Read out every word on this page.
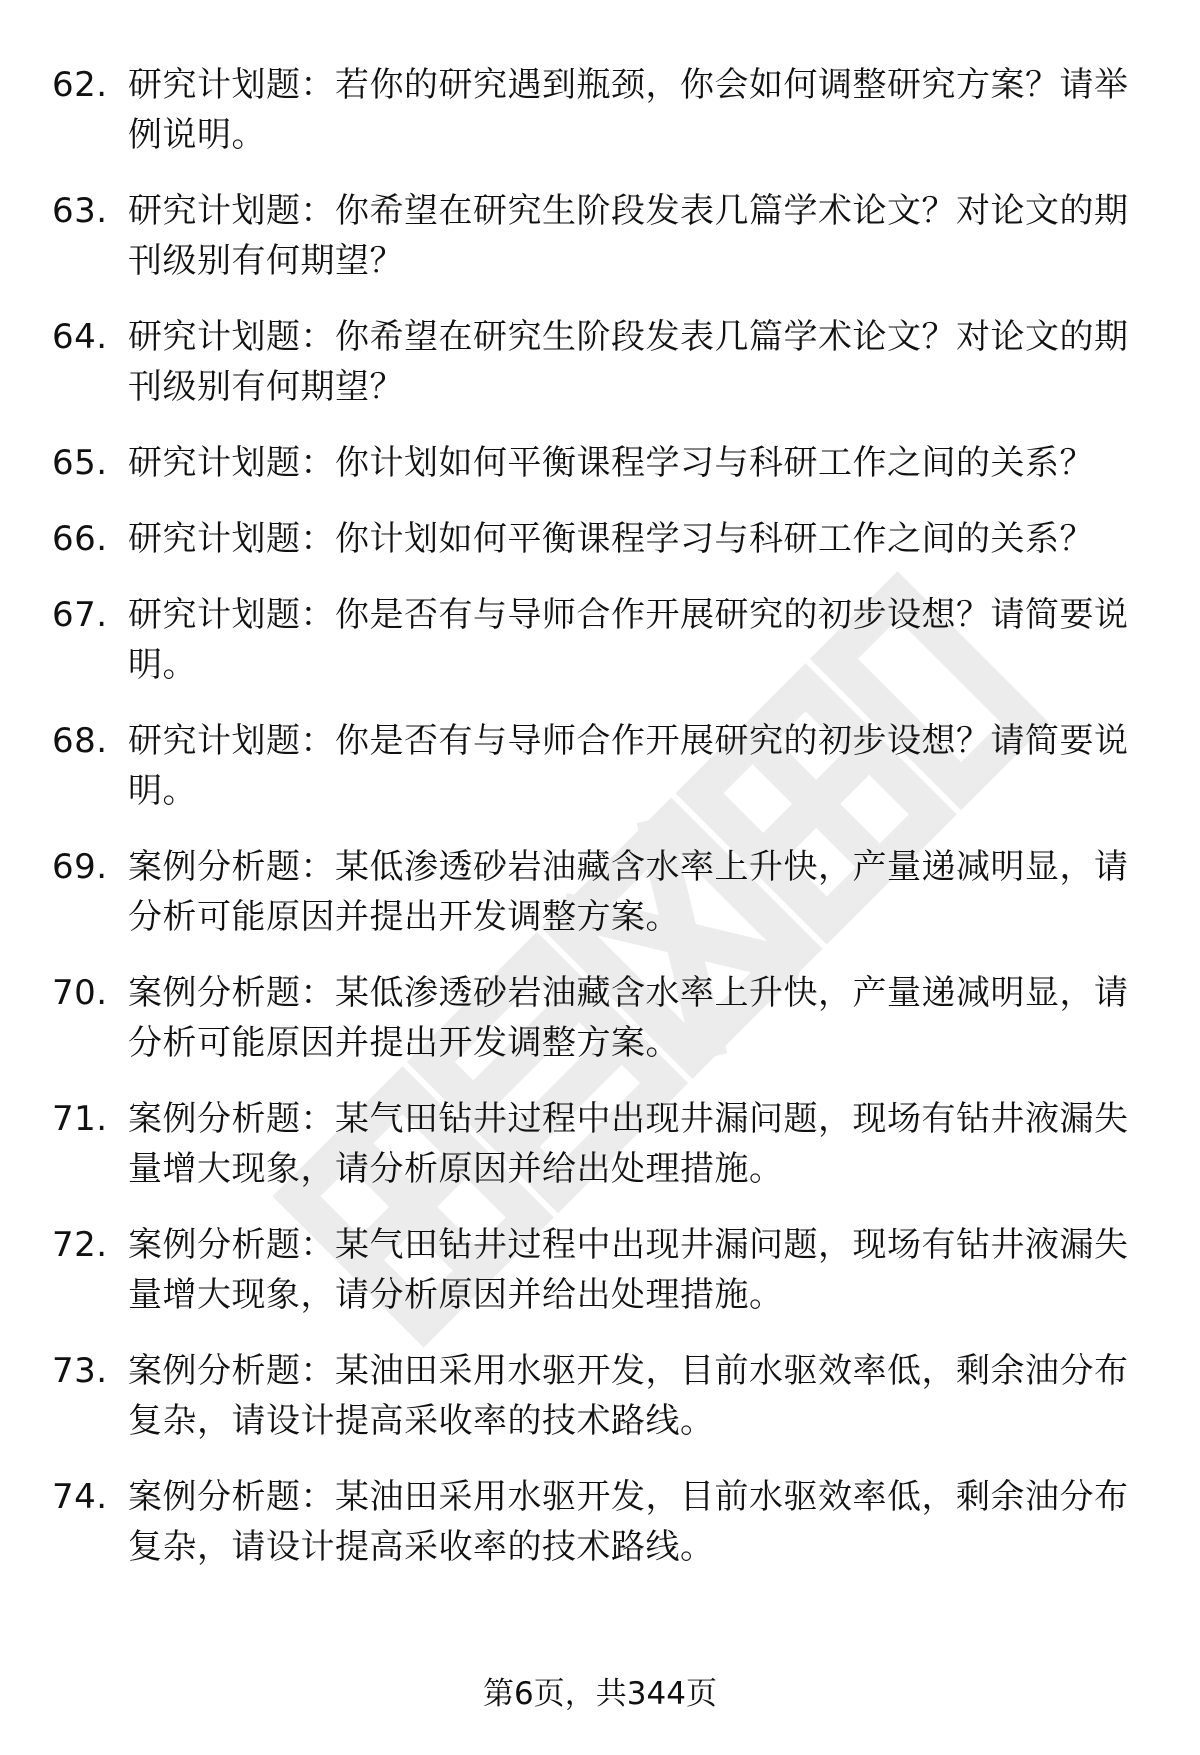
62. 研究计划题：若你的研究遇到瓶颈，你会如何调整研究方案？请举例说明。
63. 研究计划题：你希望在研究生阶段发表几篇学术论文？对论文的期刊级别有何期望？
64. 研究计划题：你希望在研究生阶段发表几篇学术论文？对论文的期刊级别有何期望？
65. 研究计划题：你计划如何平衡课程学习与科研工作之间的关系？
66. 研究计划题：你计划如何平衡课程学习与科研工作之间的关系？
67. 研究计划题：你是否有与导师合作开展研究的初步设想？请简要说明。
68. 研究计划题：你是否有与导师合作开展研究的初步设想？请简要说明。
69. 案例分析题：某低渗透砂岩油藏含水率上升快，产量递减明显，请分析可能原因并提出开发调整方案。
70. 案例分析题：某低渗透砂岩油藏含水率上升快，产量递减明显，请分析可能原因并提出开发调整方案。
71. 案例分析题：某气田钻井过程中出现井漏问题，现场有钻井液漏失量增大现象，请分析原因并给出处理措施。
72. 案例分析题：某气田钻井过程中出现井漏问题，现场有钻井液漏失量增大现象，请分析原因并给出处理措施。
73. 案例分析题：某油田采用水驱开发，目前水驱效率低，剩余油分布复杂，请设计提高采收率的技术路线。
74. 案例分析题：某油田采用水驱开发，目前水驱效率低，剩余油分布复杂，请设计提高采收率的技术路线。
第6页，共344页
